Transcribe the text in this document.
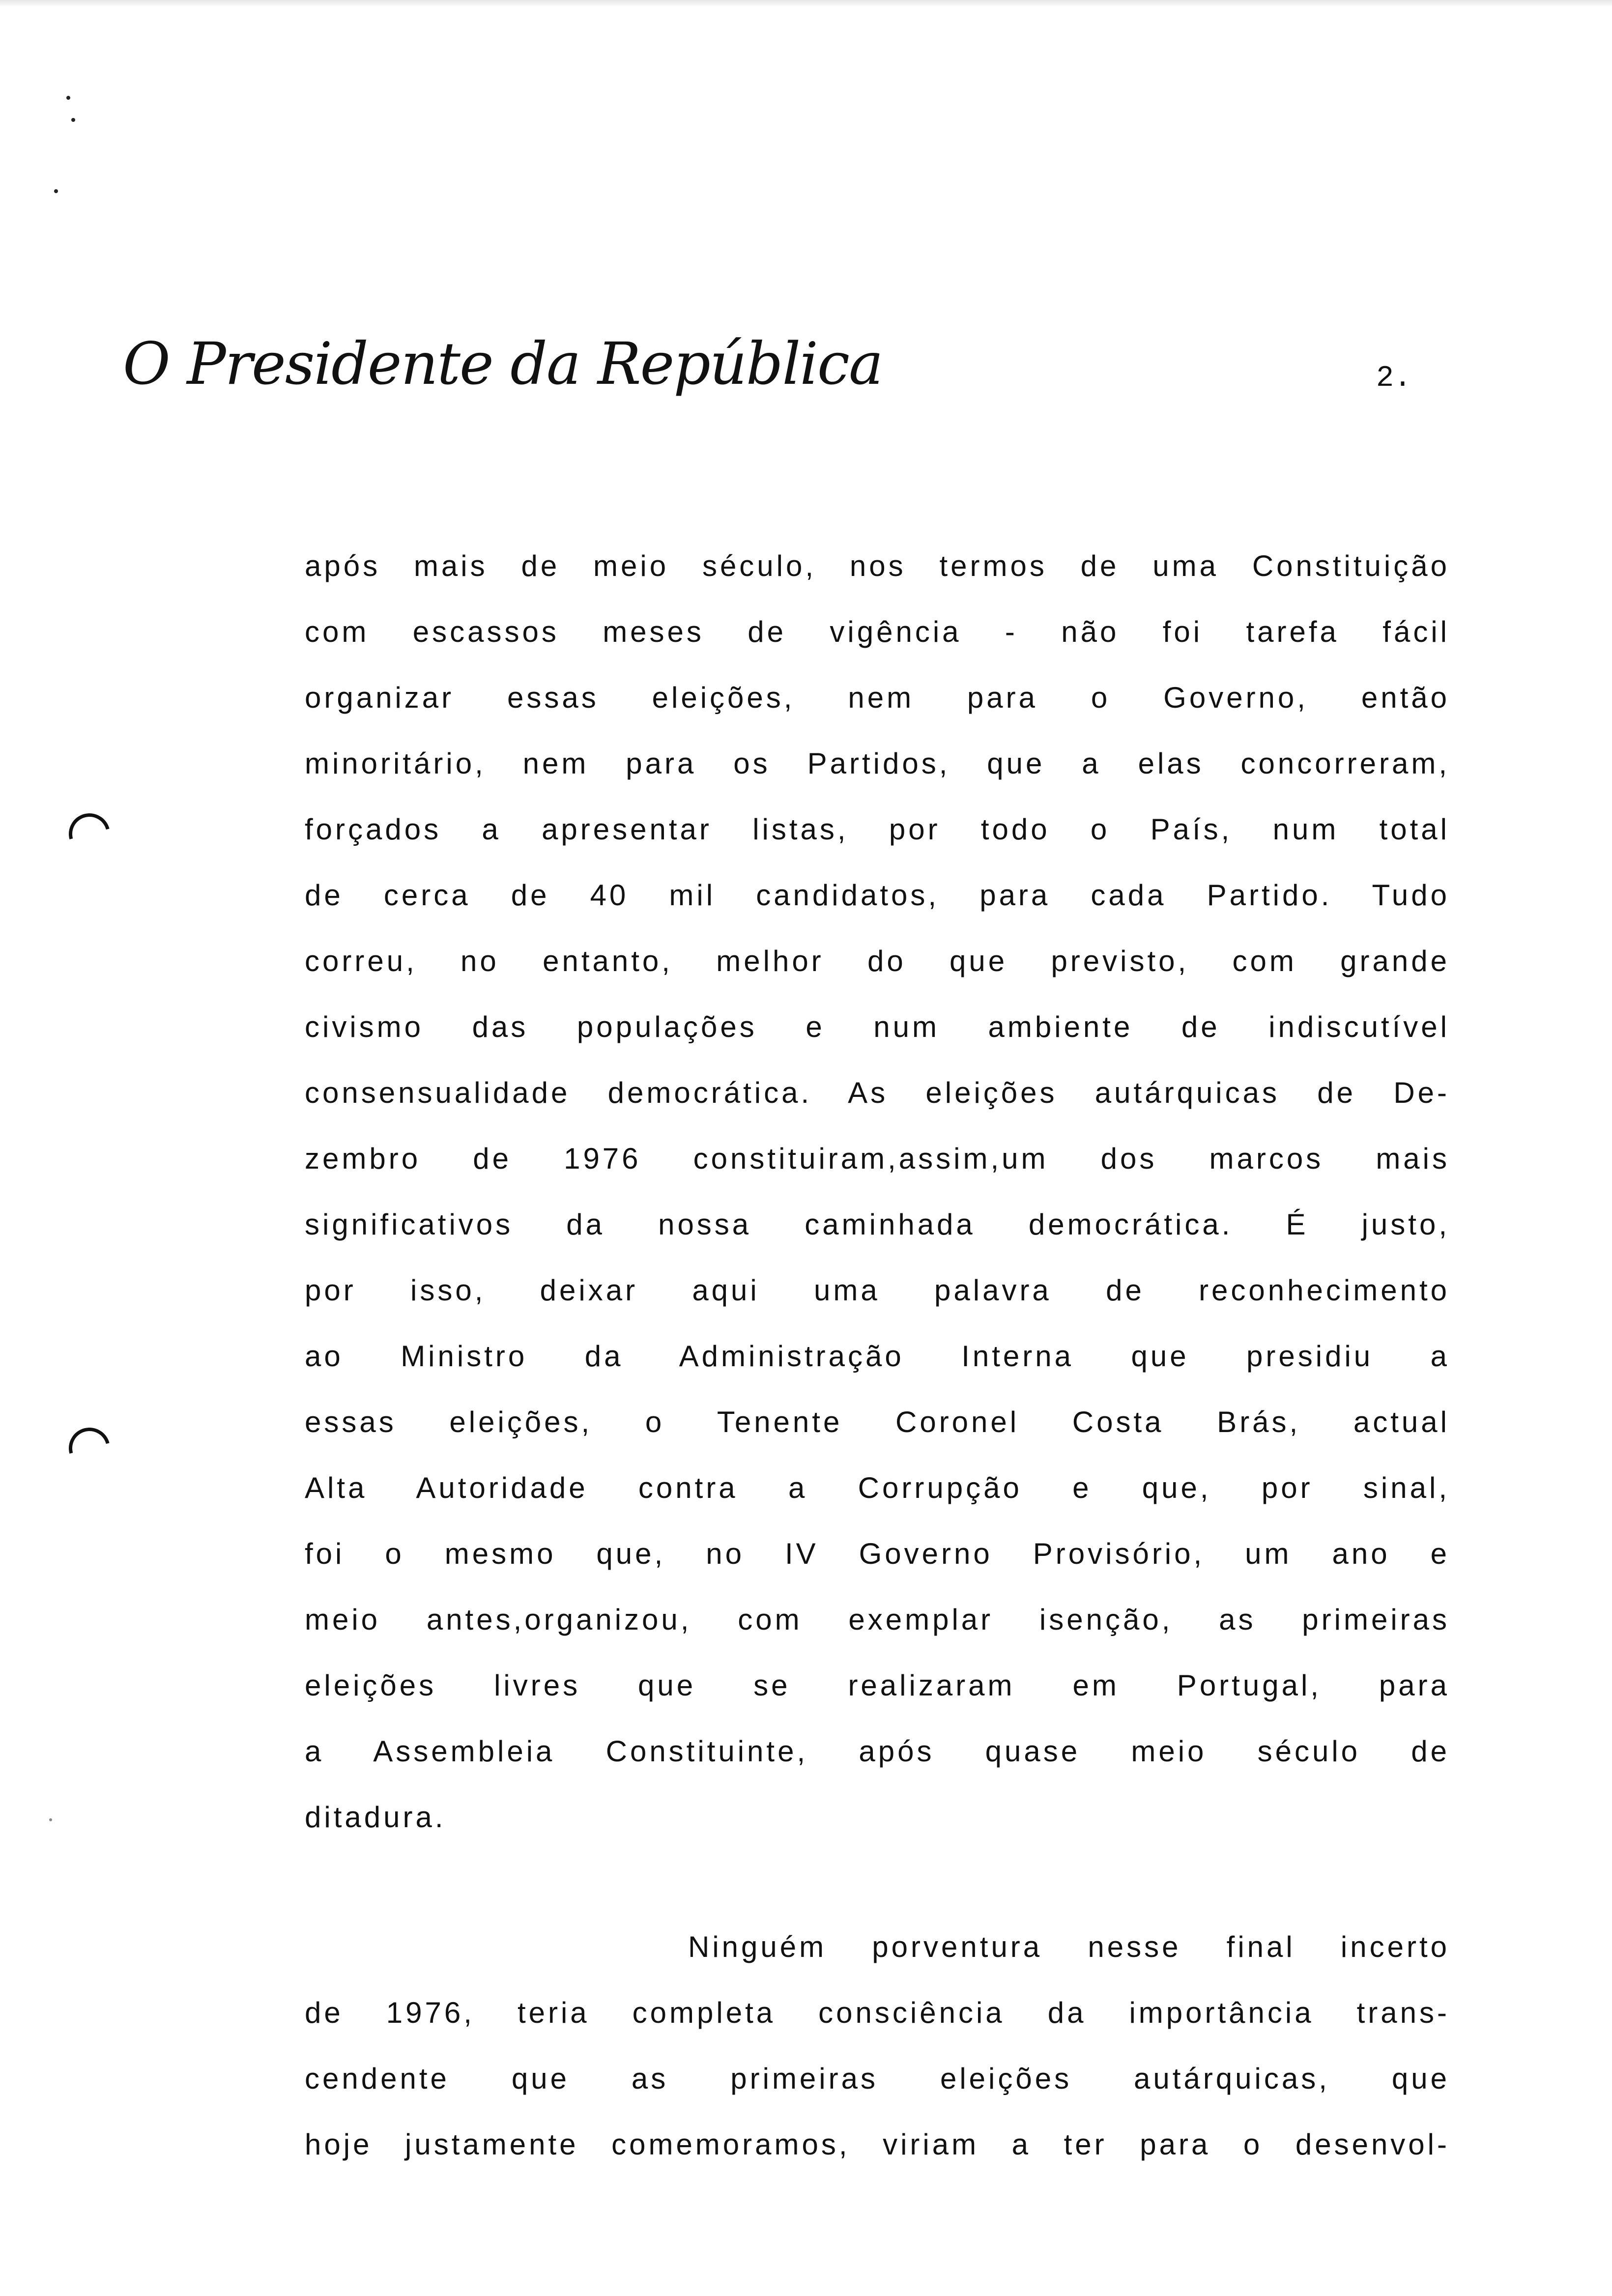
O Presidente da República	2.
após mais de meio século, nos termos de uma Constituição
com escassos meses de vigência - não foi tarefa fácil
organizar essas eleições, nem para o Governo, então
minoritário, nem para os Partidos, que a elas concorreram,
forçados a apresentar listas, por todo o País, num total
de cerca de 40 mil candidatos, para cada Partido. Tudo
correu, no entanto, melhor do que previsto, com grande
civismo das populações e num ambiente de indiscutível
consensualidade democrática. As eleições autárquicas de De-
zembro de 1976 constituiram,assim,um dos marcos mais
significativos da nossa caminhada democrática. É justo,
por isso, deixar aqui uma palavra de reconhecimento
ao Ministro da Administração Interna que presidiu a
essas eleições, o Tenente Coronel Costa Brás, actual
Alta Autoridade contra a Corrupção e que, por sinal,
foi o mesmo que, no IV Governo Provisório, um ano e
meio antes,organizou, com exemplar isenção, as primeiras
eleições livres que se realizaram em Portugal, para
a Assembleia Constituinte, após quase meio século de
ditadura.
Ninguém porventura nesse final incerto
de 1976, teria completa consciência da importância trans-
cendente que as primeiras eleições autárquicas, que
hoje justamente comemoramos, viriam a ter para o desenvol-
